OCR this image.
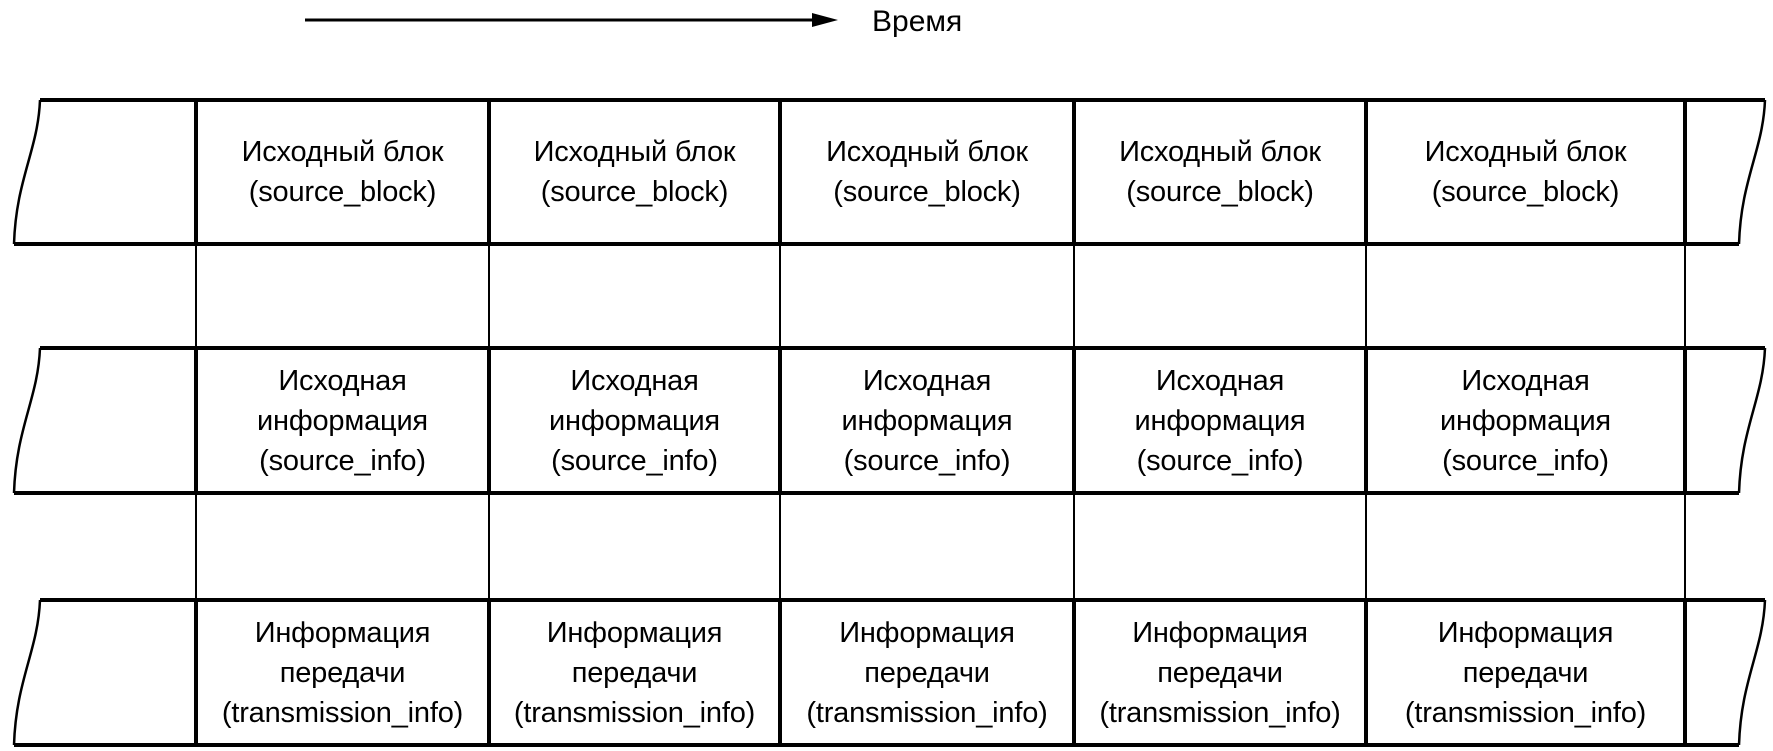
Время
Исходный блок
(source_block)
Исходный блок
(source_block)
Исходный блок
(source_block)
Исходный блок
(source_block)
Исходный блок
(source_block)
Исходная
информация
(source_info)
Исходная
информация
(source_info)
Исходная
информация
(source_info)
Исходная
информация
(source_info)
Исходная
информация
(source_info)
Информация
передачи
(transmission_info)
Информация
передачи
(transmission_info)
Информация
передачи
(transmission_info)
Информация
передачи
(transmission_info)
Информация
передачи
(transmission_info)
